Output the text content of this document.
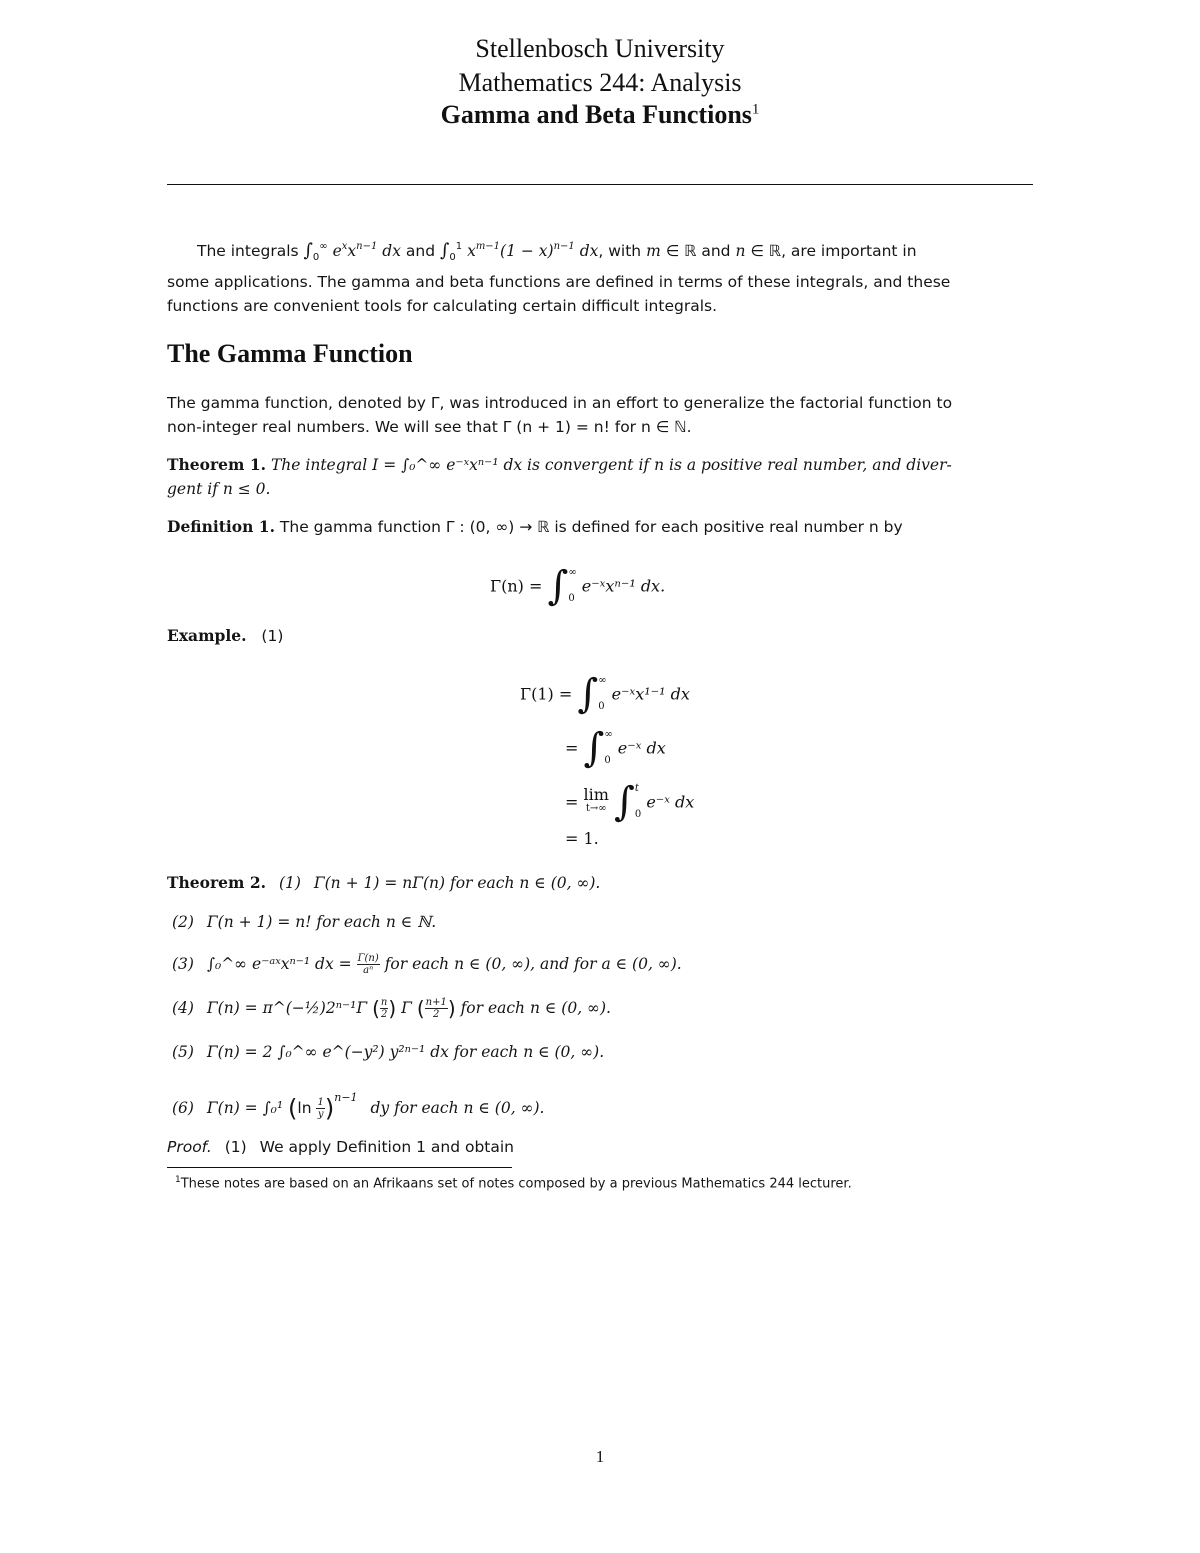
Stellenbosch University
Mathematics 244: Analysis
Gamma and Beta Functions$^1$
The integrals $\int_0^\infty$ $e^xx^{n-1}$ dx and $\int_0^1$ $x^{m-1}(1 - x)^{n-1}$ dx, with m ∈ ℝ and n ∈ ℝ, are important in
some applications. The gamma and beta functions are defined in terms of these integrals, and these
functions are convenient tools for calculating certain difficult integrals.
The Gamma Function
The gamma function, denoted by Γ, was introduced in an effort to generalize the factorial function to
non-integer real numbers. We will see that Γ (n + 1) = n! for n ∈ ℕ.
Theorem 1. The integral I = ∫₀^∞ e⁻ˣxⁿ⁻¹ dx is convergent if n is a positive real number, and diver-
gent if n ≤ 0.
Definition 1. The gamma function Γ : (0, ∞) → ℝ is defined for each positive real number n by
Γ(n) = ∫ ∞
0
e⁻ˣxⁿ⁻¹ dx.
Example. (1)
Γ(1) = ∫ ∞
0
e⁻ˣx¹⁻¹ dx
= ∫ ∞
0
e⁻ˣ dx
= lim
t→∞ ∫ t
0
e⁻ˣ dx
= 1.
Theorem 2. (1) Γ(n + 1) = nΓ(n) for each n ∈ (0, ∞).
(2) Γ(n + 1) = n! for each n ∈ ℕ.
(3) ∫₀^∞ e⁻ᵃˣxⁿ⁻¹ dx = $\frac{\Gamma(n)}{\text{aⁿ}}$ for each n ∈ (0, ∞), and for a ∈ (0, ∞).
(4) Γ(n) = π^(−½)2ⁿ⁻¹Γ ( $\frac{n}{2}$ ) Γ ( $\frac{n+1}{2}$ ) for each n ∈ (0, ∞).
(5) Γ(n) = 2 ∫₀^∞ e^(−y²) y²ⁿ⁻¹ dx for each n ∈ (0, ∞).
(6) Γ(n) = ∫₀¹ $(\ln \frac{1}{y} )^{n-1}$ dy for each n ∈ (0, ∞).
Proof. (1) We apply Definition 1 and obtain
$^1$These notes are based on an Afrikaans set of notes composed by a previous Mathematics 244 lecturer.
1
